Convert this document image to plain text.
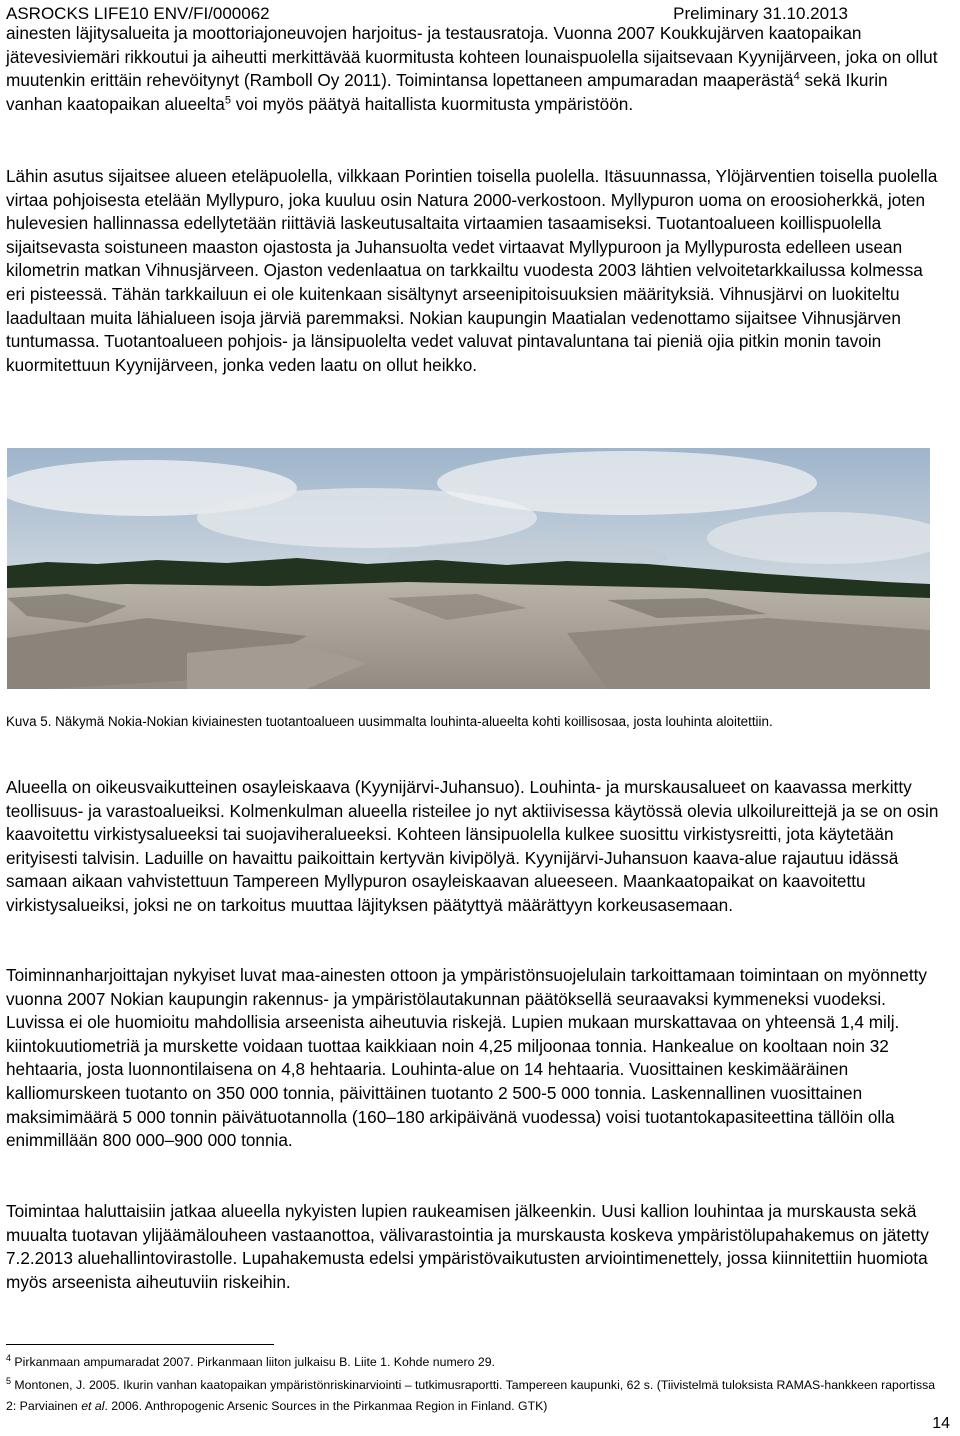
ASROCKS LIFE10 ENV/FI/000062	Preliminary 31.10.2013

ainesten läjitysalueita ja moottoriajoneuvojen harjoitus- ja testausratoja. Vuonna 2007 Koukkujärven kaatopaikan jätevesiviemäri rikkoutui ja aiheutti merkittävää kuormitusta kohteen lounaispuolella sijaitsevaan Kyynijärveen, joka on ollut muutenkin erittäin rehevöitynyt (Ramboll Oy 2011). Toimintansa lopettaneen ampumaradan maaperästä$^4$ sekä Ikurin vanhan kaatopaikan alueelta$^5$ voi myös päätyä haitallista kuormitusta ympäristöön.

Lähin asutus sijaitsee alueen eteläpuolella, vilkkaan Porintien toisella puolella. Itäsuunnassa, Ylöjärventien toisella puolella virtaa pohjoisesta etelään Myllypuro, joka kuuluu osin Natura 2000-verkostoon. Myllypuron uoma on eroosioherkkä, joten hulevesien hallinnassa edellytetään riittäviä laskeutusaltaita virtaamien tasaamiseksi. Tuotantoalueen koillispuolella sijaitsevasta soistuneen maaston ojastosta ja Juhansuolta vedet virtaavat Myllypuroon ja Myllypurosta edelleen usean kilometrin matkan Vihnusjärveen. Ojaston vedenlaatua on tarkkailtu vuodesta 2003 lähtien velvoitetarkkailussa kolmessa eri pisteessä. Tähän tarkkailuun ei ole kuitenkaan sisältynyt arseenipitoisuuksien määrityksiä. Vihnusjärvi on luokiteltu laadultaan muita lähialueen isoja järviä paremmaksi. Nokian kaupungin Maatialan vedenottamo sijaitsee Vihnusjärven tuntumassa. Tuotantoalueen pohjois- ja länsipuolelta vedet valuvat pintavaluntana tai pieniä ojia pitkin monin tavoin kuormitettuun Kyynijärveen, jonka veden laatu on ollut heikko.

Kuva 5. Näkymä Nokia-Nokian kiviainesten tuotantoalueen uusimmalta louhinta-alueelta kohti koillisosaa, josta louhinta aloitettiin.

Alueella on oikeusvaikutteinen osayleiskaava (Kyynijärvi-Juhansuo). Louhinta- ja murskausalueet on kaavassa merkitty teollisuus- ja varastoalueiksi. Kolmenkulman alueella risteilee jo nyt aktiivisessa käytössä olevia ulkoilureittejä ja se on osin kaavoitettu virkistysalueeksi tai suojaviheralueeksi. Kohteen länsipuolella kulkee suosittu virkistysreitti, jota käytetään erityisesti talvisin. Laduille on havaittu paikoittain kertyvän kivipölyä. Kyynijärvi-Juhansuon kaava-alue rajautuu idässä samaan aikaan vahvistettuun Tampereen Myllypuron osayleiskaavan alueeseen. Maankaatopaikat on kaavoitettu virkistysalueiksi, joksi ne on tarkoitus muuttaa läjityksen päätyttyä määrättyyn korkeusasemaan.

Toiminnanharjoittajan nykyiset luvat maa-ainesten ottoon ja ympäristönsuojelulain tarkoittamaan toimintaan on myönnetty vuonna 2007 Nokian kaupungin rakennus- ja ympäristölautakunnan päätöksellä seuraavaksi kymmeneksi vuodeksi. Luvissa ei ole huomioitu mahdollisia arseenista aiheutuvia riskejä. Lupien mukaan murskattavaa on yhteensä 1,4 milj. kiintokuutiometriä ja murskette voidaan tuottaa kaikkiaan noin 4,25 miljoonaa tonnia. Hankealue on kooltaan noin 32 hehtaaria, josta luonnontilaisena on 4,8 hehtaaria. Louhinta-alue on 14 hehtaaria. Vuosittainen keskimääräinen kalliomurskeen tuotanto on 350 000 tonnia, päivittäinen tuotanto 2 500-5 000 tonnia. Laskennallinen vuosittainen maksimimäärä 5 000 tonnin päivätuotannolla (160–180 arkipäivänä vuodessa) voisi tuotantokapasiteettina tällöin olla enimmillään 800 000–900 000 tonnia.

Toimintaa haluttaisiin jatkaa alueella nykyisten lupien raukeamisen jälkeenkin. Uusi kallion louhintaa ja murskausta sekä muualta tuotavan ylijäämälouheen vastaanottoa, välivarastointia ja murskausta koskeva ympäristölupahakemus on jätetty 7.2.2013 aluehallintovirastolle. Lupahakemusta edelsi ympäristövaikutusten arviointimenettely, jossa kiinnitettiin huomiota myös arseenista aiheutuviin riskeihin.

$^4$ Pirkanmaan ampumaradat 2007. Pirkanmaan liiton julkaisu B. Liite 1. Kohde numero 29.
$^5$ Montonen, J. 2005. Ikurin vanhan kaatopaikan ympäristönriskinarviointi – tutkimusraportti. Tampereen kaupunki, 62 s. (Tiivistelmä tuloksista RAMAS-hankkeen raportissa 2: Parviainen et al. 2006. Anthropogenic Arsenic Sources in the Pirkanmaa Region in Finland. GTK)
14
